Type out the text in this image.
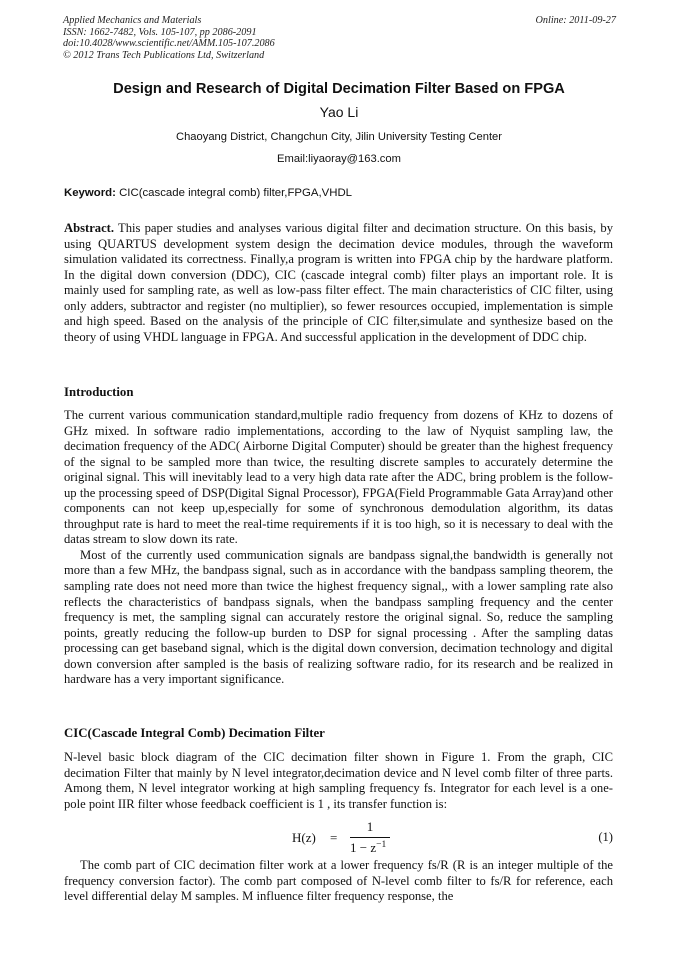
Applied Mechanics and Materials
ISSN: 1662-7482, Vols. 105-107, pp 2086-2091
doi:10.4028/www.scientific.net/AMM.105-107.2086
© 2012 Trans Tech Publications Ltd, Switzerland
Online: 2011-09-27
Design and Research of Digital Decimation Filter Based on FPGA
Yao Li
Chaoyang District, Changchun City, Jilin University Testing Center
Email:liyaoray@163.com
Keyword: CIC(cascade integral comb) filter,FPGA,VHDL

Abstract. This paper studies and analyses various digital filter and decimation structure. On this basis, by using QUARTUS development system design the decimation device modules, through the waveform simulation validated its correctness. Finally,a program is written into FPGA chip by the hardware platform. In the digital down conversion (DDC), CIC (cascade integral comb) filter plays an important role. It is mainly used for sampling rate, as well as low-pass filter effect. The main characteristics of CIC filter, using only adders, subtractor and register (no multiplier), so fewer resources occupied, implementation is simple and high speed. Based on the analysis of the principle of CIC filter,simulate and synthesize based on the theory of using VHDL language in FPGA. And successful application in the development of DDC chip.

Introduction

The current various communication standard,multiple radio frequency from dozens of KHz to dozens of GHz mixed. In software radio implementations, according to the law of Nyquist sampling law, the decimation frequency of the ADC( Airborne Digital Computer) should be greater than the highest frequency of the signal to be sampled more than twice, the resulting discrete samples to accurately determine the original signal. This will inevitably lead to a very high data rate after the ADC, bring problem is the follow-up the processing speed of DSP(Digital Signal Processor), FPGA(Field Programmable Gata Array)and other components can not keep up,especially for some of synchronous demodulation algorithm, its datas throughput rate is hard to meet the real-time requirements if it is too high, so it is necessary to deal with the datas stream to slow down its rate.

Most of the currently used communication signals are bandpass signal,the bandwidth is generally not more than a few MHz, the bandpass signal, such as in accordance with the bandpass sampling theorem, the sampling rate does not need more than twice the highest frequency signal,, with a lower sampling rate also reflects the characteristics of bandpass signals, when the bandpass sampling frequency and the center frequency is met, the sampling signal can accurately restore the original signal. So, reduce the sampling points, greatly reducing the follow-up burden to DSP for signal processing . After the sampling datas processing can get baseband signal, which is the digital down conversion, decimation technology and digital down conversion after sampled is the basis of realizing software radio, for its research and be realized in hardware has a very important significance.

CIC(Cascade Integral Comb) Decimation Filter

N-level basic block diagram of the CIC decimation filter shown in Figure 1. From the graph, CIC decimation Filter that mainly by N level integrator,decimation device and N level comb filter of three parts. Among them, N level integrator working at high sampling frequency fs. Integrator for each level is a one-pole point IIR filter whose feedback coefficient is 1 , its transfer function is:

H(z) =
1
$1 - z^{-1}$
(1)

The comb part of CIC decimation filter work at a lower frequency fs/R (R is an integer multiple of the frequency conversion factor). The comb part composed of N-level comb filter to fs/R for reference, each level differential delay M samples. M influence filter frequency response, the
